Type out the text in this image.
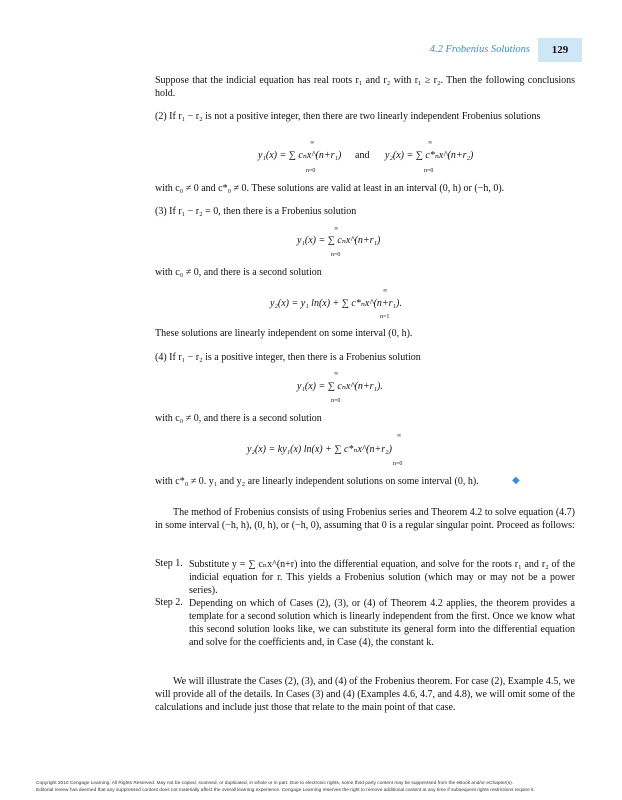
4.2 Frobenius Solutions	129
Suppose that the indicial equation has real roots r₁ and r₂ with r₁ ≥ r₂. Then the following conclusions hold.
(2) If r₁ − r₂ is not a positive integer, then there are two linearly independent Frobenius solutions
y₁(x) = ∑ cₙx^(n+r₁) and y₂(x) = ∑ c*ₙx^(n+r₂)
∞
n=0
∞
n=0
with c₀ ≠ 0 and c*₀ ≠ 0. These solutions are valid at least in an interval (0, h) or (−h, 0).
(3) If r₁ − r₂ = 0, then there is a Frobenius solution
y₁(x) = ∑ cₙx^(n+r₁)
∞
n=0
with c₀ ≠ 0, and there is a second solution
y₂(x) = y₁ ln(x) + ∑ c*ₙx^(n+r₁).
∞
n=1
These solutions are linearly independent on some interval (0, h).
(4) If r₁ − r₂ is a positive integer, then there is a Frobenius solution
y₁(x) = ∑ cₙx^(n+r₁).
∞
n=0
with c₀ ≠ 0, and there is a second solution
y₂(x) = ky₁(x) ln(x) + ∑ c*ₙx^(n+r₂)
∞
n=0
with c*₀ ≠ 0. y₁ and y₂ are linearly independent solutions on some interval (0, h).	◆
The method of Frobenius consists of using Frobenius series and Theorem 4.2 to solve equation (4.7) in some interval (−h, h), (0, h), or (−h, 0), assuming that 0 is a regular singular point. Proceed as follows:
Step 1. Substitute y = ∑ cₙx^(n+r) into the differential equation, and solve for the roots r₁ and r₂ of the indicial equation for r. This yields a Frobenius solution (which may or may not be a power series).
Step 2. Depending on which of Cases (2), (3), or (4) of Theorem 4.2 applies, the theorem provides a template for a second solution which is linearly independent from the first. Once we know what this second solution looks like, we can substitute its general form into the differential equation and solve for the coefficients and, in Case (4), the constant k.
We will illustrate the Cases (2), (3), and (4) of the Frobenius theorem. For case (2), Example 4.5, we will provide all of the details. In Cases (3) and (4) (Examples 4.6, 4.7, and 4.8), we will omit some of the calculations and include just those that relate to the main point of that case.
Copyright 2010 Cengage Learning. All Rights Reserved. May not be copied, scanned, or duplicated, in whole or in part. Due to electronic rights, some third party content may be suppressed from the eBook and/or eChapter(s).
Editorial review has deemed that any suppressed content does not materially affect the overall learning experience. Cengage Learning reserves the right to remove additional content at any time if subsequent rights restrictions require it.
